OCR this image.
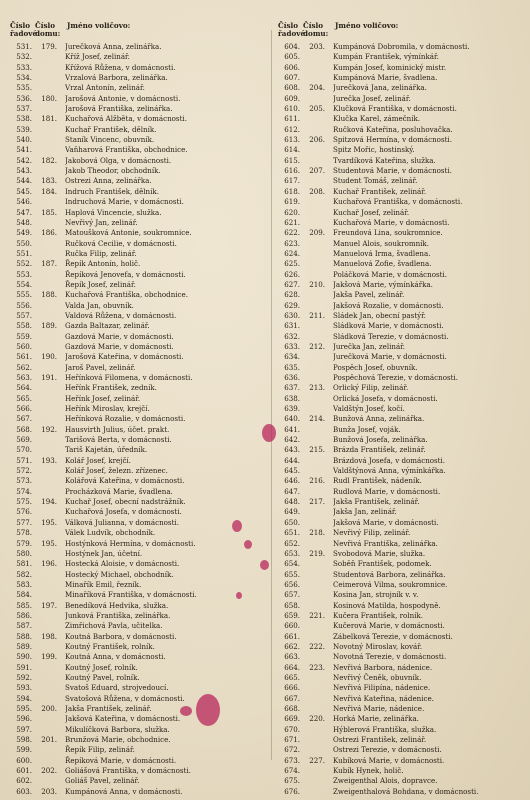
Číslo řadové:
Číslo domu:
Jméno voličovo:
531.	179. Jurečková Anna, zelinářka.
532.	Kříž Josef, zelinář.
533.	Křížová Růžena, v domácnosti.
534.	Vrzalová Barbora, zelinářka.
535.	Vrzal Antonín, zelinář.
536.	180. Jarošová Antonie, v domácnosti.
537.	Jarošová Františka, zelinářka.
538.	181. Kuchařová Alžběta, v domácnosti.
539.	Kuchař František, dělník.
540.	Staník Vincenc, obuvník.
541.	Vaňharová Františka, obchodnice.
542.	182. Jakobová Olga, v domácnosti.
543.	Jakob Theodor, obchodník.
544.	183. Ostrezi Anna, zelinářka.
545.	184. Indruch František, dělník.
546.	Indruchová Marie, v domácnosti.
547.	185. Haplová Vincencie, služka.
548.	Nevřivý Jan, zelinář.
549.	186. Matoušková Antonie, soukromnice.
550.	Ručková Cecilie, v domácnosti.
551.	Ručka Filip, zelinář.
552.	187. Řepík Antonín, holič.
553.	Řepíková Jenovefa, v domácnosti.
554.	Řepík Josef, zelinář.
555.	188. Kuchařová Františka, obchodnice.
556.	Valda Jan, obuvník.
557.	Valdová Růžena, v domácnosti.
558.	189. Gazda Baltazar, zelinář.
559.	Gazdová Marie, v domácnosti.
560.	Gazdová Marie, v domácnosti.
561.	190. Jarošová Kateřina, v domácnosti.
562.	Jaroš Pavel, zelinář.
563.	191. Heřínková Filomena, v domácnosti.
564.	Heřínk František, zedník.
565.	Heřínk Josef, zelinář.
566.	Heřínk Miroslav, krejčí.
567.	Heřínková Rozalie, v domácnosti.
568.	192. Hausvirth Julius, účet. prakt.
569.	Tarišová Berta, v domácnosti.
570.	Tariš Kajetán, úředník.
571.	193. Kolář Josef, krejčí.
572.	Kolář Josef, železn. zřízenec.
573.	Kolářová Kateřina, v domácnosti.
574.	Procházková Marie, švadlena.
575.	194. Kuchař Josef, obecní nadstrážník.
576.	Kuchařová Josefa, v domácnosti.
577.	195. Válková Julianna, v domácnosti.
578.	Válek Ludvík, obchodník.
579.	195. Hostýnková Hermína, v domácnosti.
580.	Hostýnek Jan, účetní.
581.	196. Hostecká Aloisie, v domácnosti.
582.	Hostecký Michael, obchodník.
583.	Minařík Emil, řezník.
584.	Minaříková Františka, v domácnosti.
585.	197. Benedíková Hedvika, služka.
586.	Junková Františka, zelinářka.
587.	Zimřichová Pavla, učitelka.
588.	198. Koutná Barbora, v domácnosti.
589.	Koutný František, rolník.
590.	199. Koutná Anna, v domácnosti.
591.	Koutný Josef, rolník.
592.	Koutný Pavel, rolník.
593.	Svatoš Eduard, strojvedoucí.
594.	Svatošová Růžena, v domácnosti.
595.	200. Jakša František, zelinář.
596.	Jakšová Kateřina, v domácnosti.
597.	Mikulíčková Barbora, služka.
598.	201. Brunžová Marie, obchodnice.
599.	Řepík Filip, zelinář.
600.	Řepíková Marie, v domácnosti.
601.	202. Goliášová Františka, v domácnosti.
602.	Goliáš Pavel, zelinář.
603.	203. Kumpánová Anna, v domácnosti.
Číslo řadové:
Číslo domu:
Jméno voličovo:
604.	203. Kumpánová Dobromila, v domácnosti.
605.	Kumpán František, výmínkář.
606.	Kumpán Josef, kominický mistr.
607.	Kumpánová Marie, švadlena.
608.	204. Jurečková Jana, zelinářka.
609.	Jurečka Josef, zelinář.
610.	205. Klučková Františka, v domácnosti.
611.	Klučka Karel, zámečník.
612.	Ručková Kateřina, posluhovačka.
613.	206. Spitzová Hermína, v domácnosti.
614.	Spitz Mořic, hostinský.
615.	Tvardíková Kateřina, služka.
616.	207. Studentová Marie, v domácnosti.
617.	Student Tomáš, zelinář.
618.	208. Kuchař František, zelinář.
619.	Kuchařová Františka, v domácnosti.
620.	Kuchař Josef, zelinář.
621.	Kuchařová Marie, v domácnosti.
622.	209. Freundová Lina, soukromnice.
623.	Manuel Alois, soukromník.
624.	Manuelová Irma, švadlena.
625.	Manuelová Zofie, švadlena.
626.	Poláčková Marie, v domácnosti.
627.	210. Jakšová Marie, výmínkářka.
628.	Jakša Pavel, zelinář.
629.	Jakšová Rozalie, v domácnosti.
630.	211. Sládek Jan, obecní pastýř.
631.	Sládková Marie, v domácnosti.
632.	Sládková Terezie, v domácnosti.
633.	212. Jurečka Jan, zelinář.
634.	Jurečková Marie, v domácnosti.
635.	Pospěch Josef, obuvník.
636.	Pospěchová Terezie, v domácnosti.
637.	213. Orlický Filip, zelinář.
638.	Orlická Josefa, v domácnosti.
639.	Valdštýn Josef, kočí.
640.	214. Bunžová Anna, zelinářka.
641.	Bunža Josef, voják.
642.	Bunžová Josefa, zelinářka.
643.	215. Brázda František, zelinář.
644.	Brázdová Josefa, v domácnosti.
645.	Valdštýnová Anna, výmínkářka.
646.	216. Rudl František, nádeník.
647.	Rudlová Marie, v domácnosti.
648.	217. Jakša František, zelinář.
649.	Jakša Jan, zelinář.
650.	Jakšová Marie, v domácnosti.
651.	218. Nevřivý Filip, zelinář.
652.	Nevřivá Františka, zelinářka.
653.	219. Svobodová Marie, služka.
654.	Soběň František, podomek.
655.	Studentová Barbora, zelinářka.
656.	Ceimerová Vilma, soukromnice.
657.	Kosina Jan, strojník v. v.
658.	Kosinová Matilda, hospodyně.
659.	221. Kučera František, rolník.
660.	Kučerová Marie, v domácnosti.
661.	Zábelková Terezie, v domácnosti.
662.	222. Novotný Miroslav, kovář.
663.	Novotná Terezie, v domácnosti.
664.	223. Nevřivá Barbora, nádenice.
665.	Nevřivý Čeněk, obuvník.
666.	Nevřivá Filipína, nádenice.
667.	Nevřivá Kateřina, nádenice.
668.	Nevřivá Marie, nádenice.
669.	220. Horká Marie, zelinářka.
670.	Hýblerová Františka, služka.
671.	Ostrezi František, zelinář.
672.	Ostrezi Terezie, v domácnosti.
673.	227. Kubíková Marie, v domácnosti.
674.	Kubík Hynek, holič.
675.	Zweigenthal Alois, dopravce.
676.	Zweigenthalová Bohdana, v domácnosti.
